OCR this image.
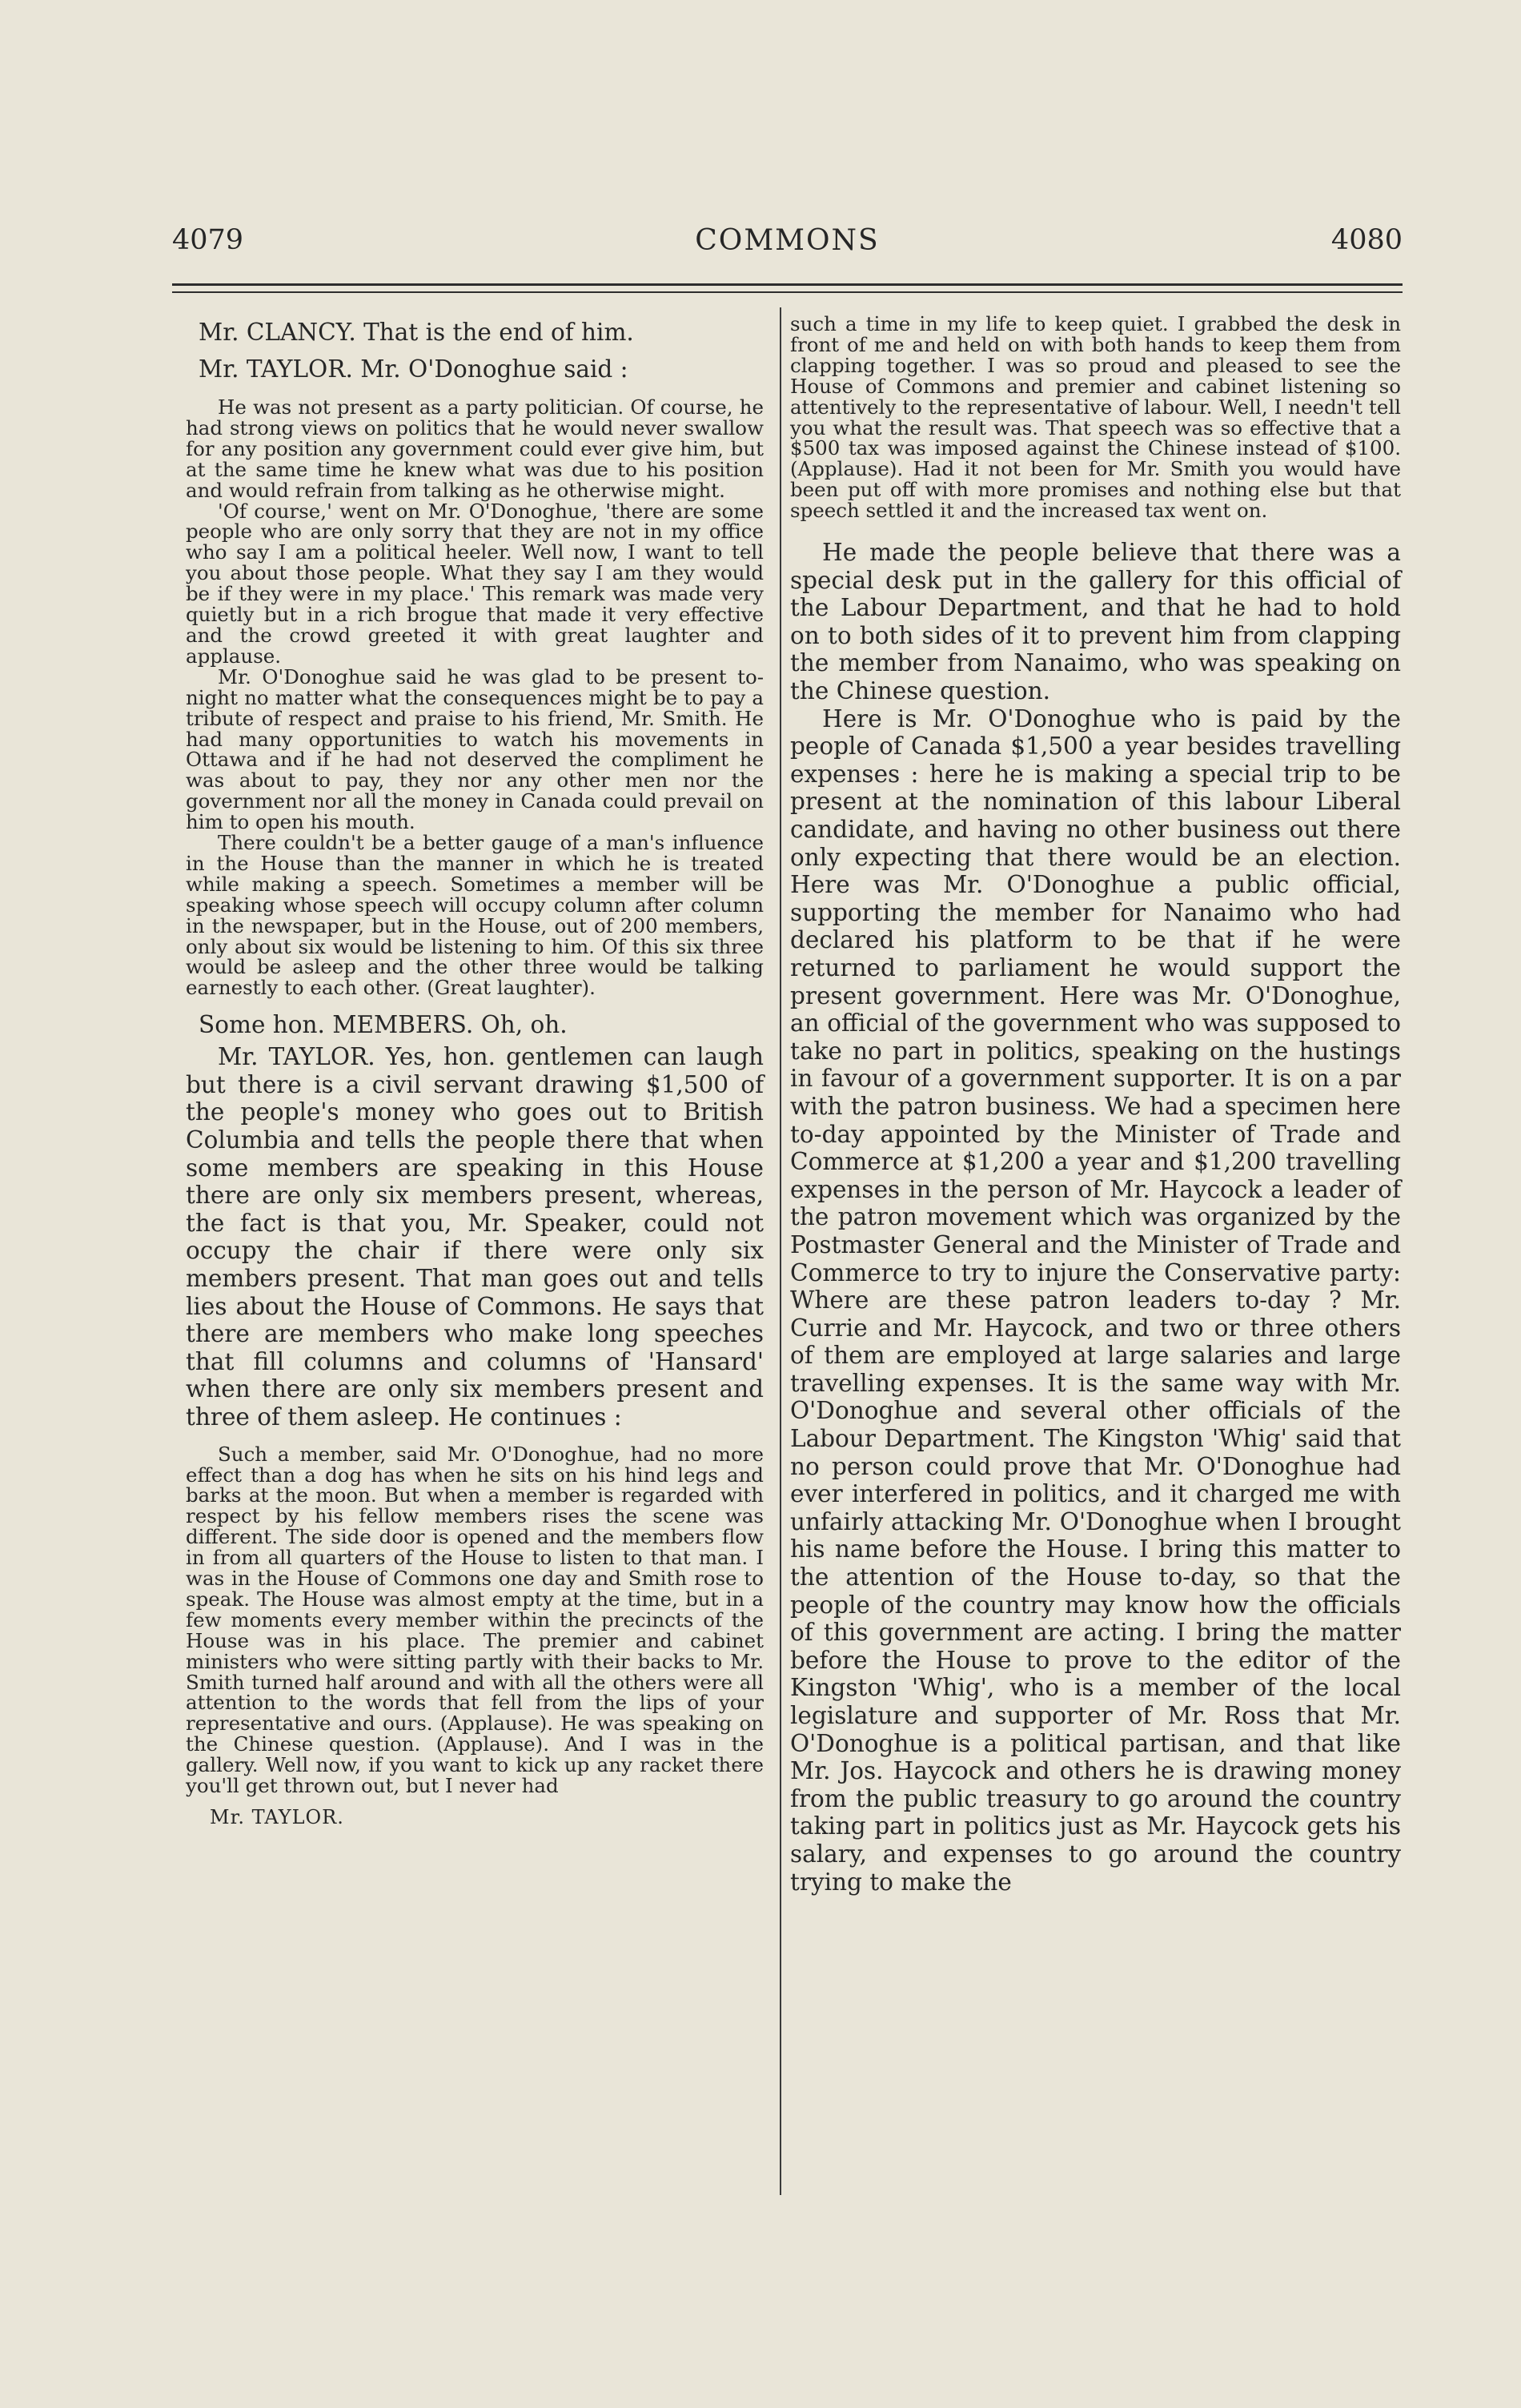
4079	COMMONS	4080

Mr. CLANCY. That is the end of him.

Mr. TAYLOR. Mr. O'Donoghue said :

He was not present as a party politician. Of course, he had strong views on politics that he would never swallow for any position any government could ever give him, but at the same time he knew what was due to his position and would refrain from talking as he otherwise might.

'Of course,' went on Mr. O'Donoghue, 'there are some people who are only sorry that they are not in my office who say I am a political heeler. Well now, I want to tell you about those people. What they say I am they would be if they were in my place.' This remark was made very quietly but in a rich brogue that made it very effective and the crowd greeted it with great laughter and applause.

Mr. O'Donoghue said he was glad to be present to-night no matter what the consequences might be to pay a tribute of respect and praise to his friend, Mr. Smith. He had many opportunities to watch his movements in Ottawa and if he had not deserved the compliment he was about to pay, they nor any other men nor the government nor all the money in Canada could prevail on him to open his mouth.

There couldn't be a better gauge of a man's influence in the House than the manner in which he is treated while making a speech. Sometimes a member will be speaking whose speech will occupy column after column in the newspaper, but in the House, out of 200 members, only about six would be listening to him. Of this six three would be asleep and the other three would be talking earnestly to each other. (Great laughter).

Some hon. MEMBERS. Oh, oh.

Mr. TAYLOR. Yes, hon. gentlemen can laugh but there is a civil servant drawing $1,500 of the people's money who goes out to British Columbia and tells the people there that when some members are speaking in this House there are only six members present, whereas, the fact is that you, Mr. Speaker, could not occupy the chair if there were only six members present. That man goes out and tells lies about the House of Commons. He says that there are members who make long speeches that fill columns and columns of 'Hansard' when there are only six members present and three of them asleep. He continues :

Such a member, said Mr. O'Donoghue, had no more effect than a dog has when he sits on his hind legs and barks at the moon. But when a member is regarded with respect by his fellow members rises the scene was different. The side door is opened and the members flow in from all quarters of the House to listen to that man. I was in the House of Commons one day and Smith rose to speak. The House was almost empty at the time, but in a few moments every member within the precincts of the House was in his place. The premier and cabinet ministers who were sitting partly with their backs to Mr. Smith turned half around and with all the others were all attention to the words that fell from the lips of your representative and ours. (Applause). He was speaking on the Chinese question. (Applause). And I was in the gallery. Well now, if you want to kick up any racket there you'll get thrown out, but I never had

Mr. TAYLOR.

such a time in my life to keep quiet. I grabbed the desk in front of me and held on with both hands to keep them from clapping together. I was so proud and pleased to see the House of Commons and premier and cabinet listening so attentively to the representative of labour. Well, I needn't tell you what the result was. That speech was so effective that a $500 tax was imposed against the Chinese instead of $100. (Applause). Had it not been for Mr. Smith you would have been put off with more promises and nothing else but that speech settled it and the increased tax went on.

He made the people believe that there was a special desk put in the gallery for this official of the Labour Department, and that he had to hold on to both sides of it to prevent him from clapping the member from Nanaimo, who was speaking on the Chinese question.

Here is Mr. O'Donoghue who is paid by the people of Canada $1,500 a year besides travelling expenses : here he is making a special trip to be present at the nomination of this labour Liberal candidate, and having no other business out there only expecting that there would be an election. Here was Mr. O'Donoghue a public official, supporting the member for Nanaimo who had declared his platform to be that if he were returned to parliament he would support the present government. Here was Mr. O'Donoghue, an official of the government who was supposed to take no part in politics, speaking on the hustings in favour of a government supporter. It is on a par with the patron business. We had a specimen here to-day appointed by the Minister of Trade and Commerce at $1,200 a year and $1,200 travelling expenses in the person of Mr. Haycock a leader of the patron movement which was organized by the Postmaster General and the Minister of Trade and Commerce to try to injure the Conservative party: Where are these patron leaders to-day ? Mr. Currie and Mr. Haycock, and two or three others of them are employed at large salaries and large travelling expenses. It is the same way with Mr. O'Donoghue and several other officials of the Labour Department. The Kingston 'Whig' said that no person could prove that Mr. O'Donoghue had ever interfered in politics, and it charged me with unfairly attacking Mr. O'Donoghue when I brought his name before the House. I bring this matter to the attention of the House to-day, so that the people of the country may know how the officials of this government are acting. I bring the matter before the House to prove to the editor of the Kingston 'Whig', who is a member of the local legislature and supporter of Mr. Ross that Mr. O'Donoghue is a political partisan, and that like Mr. Jos. Haycock and others he is drawing money from the public treasury to go around the country taking part in politics just as Mr. Haycock gets his salary, and expenses to go around the country trying to make the
